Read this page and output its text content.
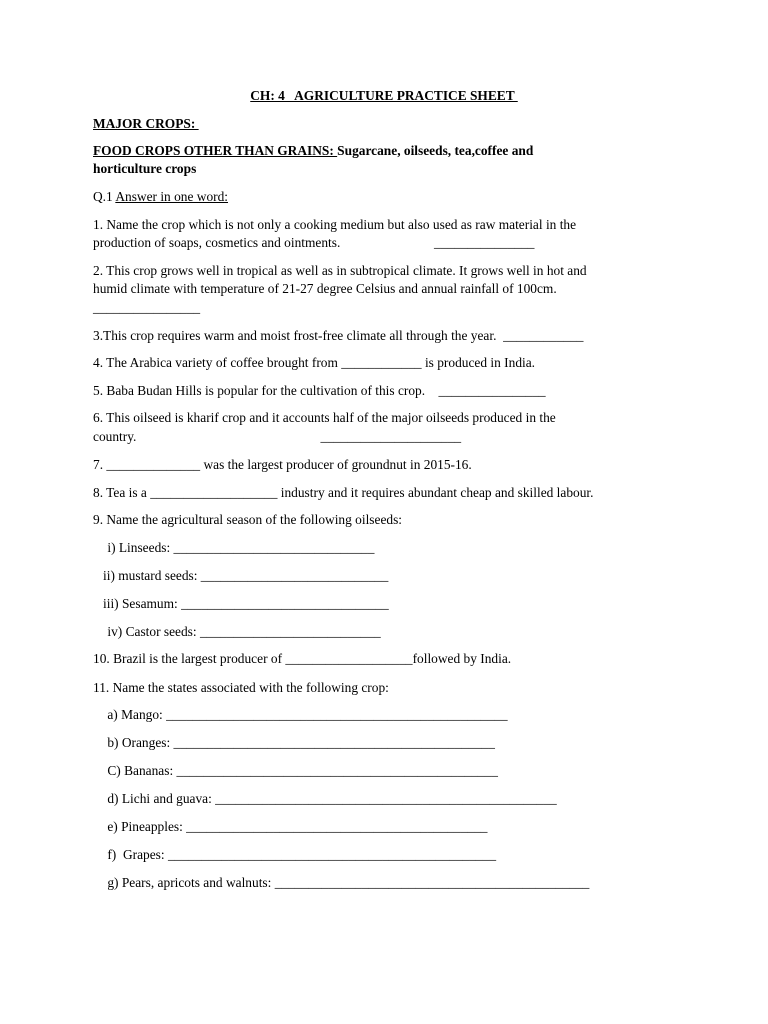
CH: 4   AGRICULTURE PRACTICE SHEET
MAJOR CROPS:
FOOD CROPS OTHER THAN GRAINS: Sugarcane, oilseeds, tea,coffee and
horticulture crops
Q.1 Answer in one word:
1. Name the crop which is not only a cooking medium but also used as raw material in the
production of soaps, cosmetics and ointments.                            _______________
2. This crop grows well in tropical as well as in subtropical climate. It grows well in hot and
humid climate with temperature of 21-27 degree Celsius and annual rainfall of 100cm.
________________
3.This crop requires warm and moist frost-free climate all through the year.  ____________
4. The Arabica variety of coffee brought from ____________ is produced in India.
5. Baba Budan Hills is popular for the cultivation of this crop.    ________________
6. This oilseed is kharif crop and it accounts half of the major oilseeds produced in the
country.                                                       _____________________
7. ______________ was the largest producer of groundnut in 2015-16.
8. Tea is a ___________________ industry and it requires abundant cheap and skilled labour.
9. Name the agricultural season of the following oilseeds:
i) Linseeds: ______________________________
ii) mustard seeds: ____________________________
iii) Sesamum: _______________________________
iv) Castor seeds: ___________________________
10. Brazil is the largest producer of ___________________followed by India.
11. Name the states associated with the following crop:
a) Mango: ___________________________________________________
b) Oranges: ________________________________________________
C) Bananas: ________________________________________________
d) Lichi and guava: ___________________________________________________
e) Pineapples: _____________________________________________
f)  Grapes: _________________________________________________
g) Pears, apricots and walnuts: _______________________________________________
